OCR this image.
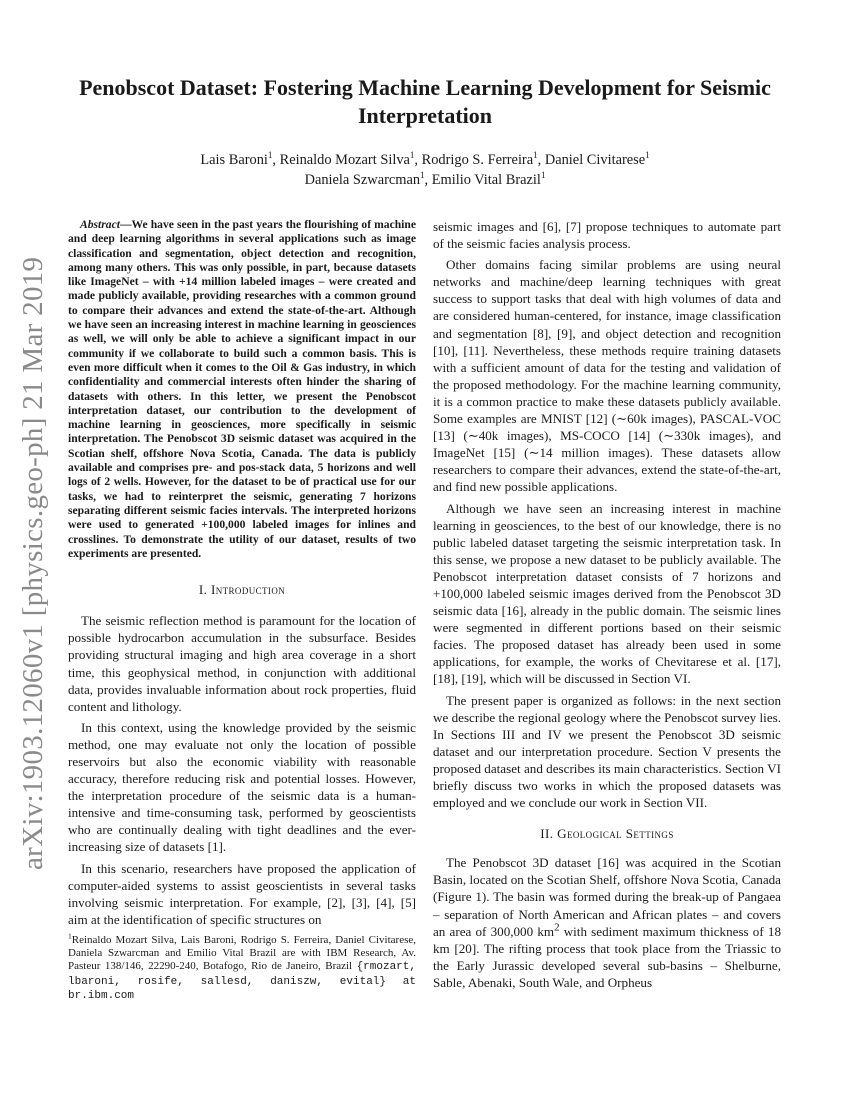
arXiv:1903.12060v1 [physics.geo-ph] 21 Mar 2019
Penobscot Dataset: Fostering Machine Learning Development for Seismic Interpretation
Lais Baroni$^1$, Reinaldo Mozart Silva$^1$, Rodrigo S. Ferreira$^1$, Daniel Civitarese$^1$
Daniela Szwarcman$^1$, Emilio Vital Brazil$^1$

Abstract—We have seen in the past years the flourishing of machine and deep learning algorithms in several applications such as image classification and segmentation, object detection and recognition, among many others. This was only possible, in part, because datasets like ImageNet – with +14 million labeled images – were created and made publicly available, providing researches with a common ground to compare their advances and extend the state-of-the-art. Although we have seen an increasing interest in machine learning in geosciences as well, we will only be able to achieve a significant impact in our community if we collaborate to build such a common basis. This is even more difficult when it comes to the Oil & Gas industry, in which confidentiality and commercial interests often hinder the sharing of datasets with others. In this letter, we present the Penobscot interpretation dataset, our contribution to the development of machine learning in geosciences, more specifically in seismic interpretation. The Penobscot 3D seismic dataset was acquired in the Scotian shelf, offshore Nova Scotia, Canada. The data is publicly available and comprises pre- and pos-stack data, 5 horizons and well logs of 2 wells. However, for the dataset to be of practical use for our tasks, we had to reinterpret the seismic, generating 7 horizons separating different seismic facies intervals. The interpreted horizons were used to generated +100,000 labeled images for inlines and crosslines. To demonstrate the utility of our dataset, results of two experiments are presented.

I. Introduction

The seismic reflection method is paramount for the location of possible hydrocarbon accumulation in the subsurface. Besides providing structural imaging and high area coverage in a short time, this geophysical method, in conjunction with additional data, provides invaluable information about rock properties, fluid content and lithology.

In this context, using the knowledge provided by the seismic method, one may evaluate not only the location of possible reservoirs but also the economic viability with reasonable accuracy, therefore reducing risk and potential losses. However, the interpretation procedure of the seismic data is a human-intensive and time-consuming task, performed by geoscientists who are continually dealing with tight deadlines and the ever-increasing size of datasets [1].

In this scenario, researchers have proposed the application of computer-aided systems to assist geoscientists in several tasks involving seismic interpretation. For example, [2], [3], [4], [5] aim at the identification of specific structures on

seismic images and [6], [7] propose techniques to automate part of the seismic facies analysis process.

Other domains facing similar problems are using neural networks and machine/deep learning techniques with great success to support tasks that deal with high volumes of data and are considered human-centered, for instance, image classification and segmentation [8], [9], and object detection and recognition [10], [11]. Nevertheless, these methods require training datasets with a sufficient amount of data for the testing and validation of the proposed methodology. For the machine learning community, it is a common practice to make these datasets publicly available. Some examples are MNIST [12] (∼60k images), PASCAL-VOC [13] (∼40k images), MS-COCO [14] (∼330k images), and ImageNet [15] (∼14 million images). These datasets allow researchers to compare their advances, extend the state-of-the-art, and find new possible applications.

Although we have seen an increasing interest in machine learning in geosciences, to the best of our knowledge, there is no public labeled dataset targeting the seismic interpretation task. In this sense, we propose a new dataset to be publicly available. The Penobscot interpretation dataset consists of 7 horizons and +100,000 labeled seismic images derived from the Penobscot 3D seismic data [16], already in the public domain. The seismic lines were segmented in different portions based on their seismic facies. The proposed dataset has already been used in some applications, for example, the works of Chevitarese et al. [17], [18], [19], which will be discussed in Section VI.

The present paper is organized as follows: in the next section we describe the regional geology where the Penobscot survey lies. In Sections III and IV we present the Penobscot 3D seismic dataset and our interpretation procedure. Section V presents the proposed dataset and describes its main characteristics. Section VI briefly discuss two works in which the proposed datasets was employed and we conclude our work in Section VII.

II. Geological Settings

The Penobscot 3D dataset [16] was acquired in the Scotian Basin, located on the Scotian Shelf, offshore Nova Scotia, Canada (Figure 1). The basin was formed during the break-up of Pangaea – separation of North American and African plates – and covers an area of 300,000 $km^2$ with sediment maximum thickness of 18 km [20]. The rifting process that took place from the Triassic to the Early Jurassic developed several sub-basins – Shelburne, Sable, Abenaki, South Wale, and Orpheus

$^1$Reinaldo Mozart Silva, Lais Baroni, Rodrigo S. Ferreira, Daniel Civitarese, Daniela Szwarcman and Emilio Vital Brazil are with IBM Research, Av. Pasteur 138/146, 22290-240, Botafogo, Rio de Janeiro, Brazil {rmozart, lbaroni, rosife, sallesd, daniszw, evital} at br.ibm.com
